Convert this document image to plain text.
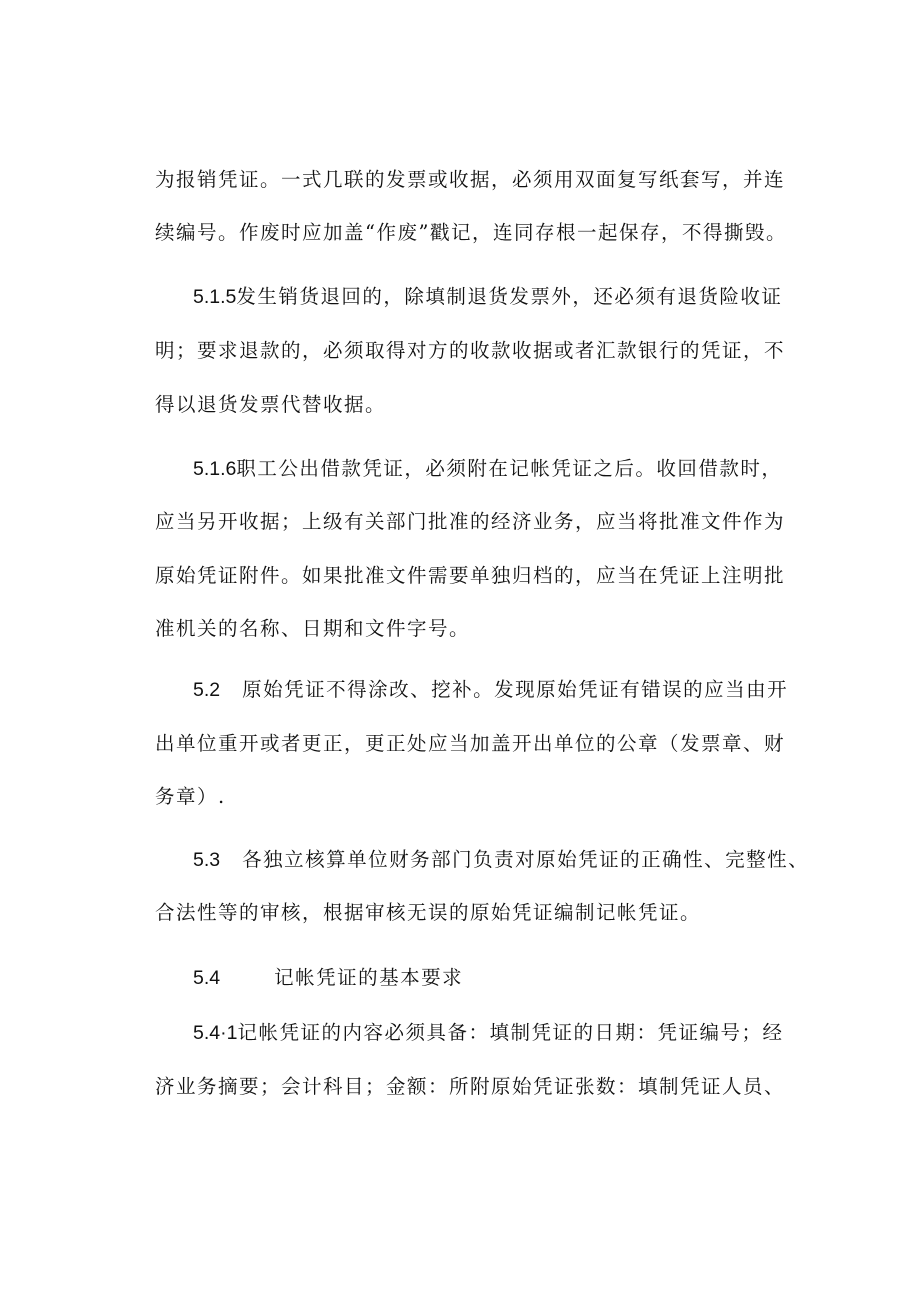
为报销凭证。一式几联的发票或收据，必须用双面复写纸套写，并连
续编号。作废时应加盖“作废”戳记，连同存根一起保存，不得撕毁。
5.1.5发生销货退回的，除填制退货发票外，还必须有退货险收证
明；要求退款的，必须取得对方的收款收据或者汇款银行的凭证，不
得以退货发票代替收据。
5.1.6职工公出借款凭证，必须附在记帐凭证之后。收回借款时，
应当另开收据；上级有关部门批准的经济业务，应当将批准文件作为
原始凭证附件。如果批准文件需要单独归档的，应当在凭证上注明批
准机关的名称、日期和文件字号。
5.2 原始凭证不得涂改、挖补。发现原始凭证有错误的应当由开
出单位重开或者更正，更正处应当加盖开出单位的公章（发票章、财
务章）.
5.3 各独立核算单位财务部门负责对原始凭证的正确性、完整性、
合法性等的审核，根据审核无误的原始凭证编制记帐凭证。
5.4	记帐凭证的基本要求
5.4·1记帐凭证的内容必须具备：填制凭证的日期：凭证编号；经
济业务摘要；会计科目；金额：所附原始凭证张数：填制凭证人员、
